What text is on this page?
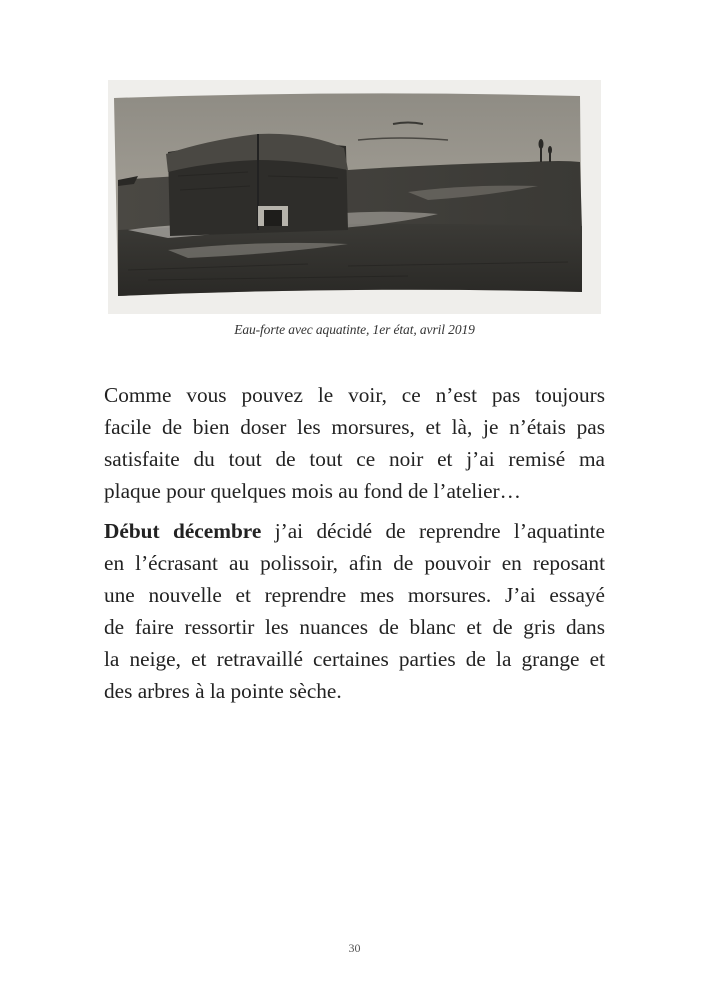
Eau-forte avec aquatinte, 1er état, avril 2019

Comme vous pouvez le voir, ce n’est pas toujours
facile de bien doser les morsures, et là, je n’étais pas
satisfaite du tout de tout ce noir et j’ai remisé ma
plaque pour quelques mois au fond de l’atelier…

Début décembre j’ai décidé de reprendre l’aquatinte
en l’écrasant au polissoir, afin de pouvoir en reposant
une nouvelle et reprendre mes morsures. J’ai essayé
de faire ressortir les nuances de blanc et de gris dans
la neige, et retravaillé certaines parties de la grange et
des arbres à la pointe sèche.

30
